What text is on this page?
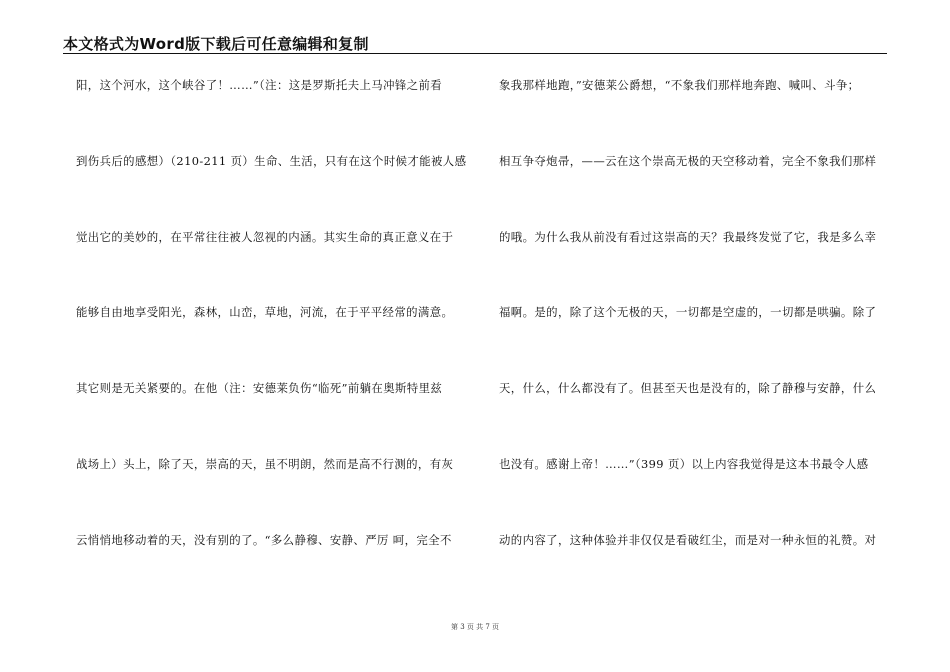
本文格式为Word版下载后可任意编辑和复制
阳，这个河水，这个峡谷了！……”（注：这是罗斯托夫上马冲锋之前看
到伤兵后的感想）（210-211 页）生命、生活，只有在这个时候才能被人感
觉出它的美妙的，在平常往往被人忽视的内涵。其实生命的真正意义在于
能够自由地享受阳光，森林，山峦，草地，河流，在于平平经常的满意。
其它则是无关紧要的。在他（注：安德莱负伤“临死”前躺在奥斯特里兹
战场上）头上，除了天，崇高的天，虽不明朗，然而是高不行测的，有灰
云悄悄地移动着的天，没有别的了。“多么静穆、安静、严厉 呵，完全不
象我那样地跑，”安德莱公爵想，“不象我们那样地奔跑、喊叫、斗争；
相互争夺炮帚，——云在这个崇高无极的天空移动着，完全不象我们那样
的哦。为什么我从前没有看过这崇高的天？我最终发觉了它，我是多么幸
福啊。是的，除了这个无极的天，一切都是空虚的，一切都是哄骗。除了
天，什么，什么都没有了。但甚至天也是没有的，除了静穆与安静，什么
也没有。感谢上帝！……”（399 页）以上内容我觉得是这本书最令人感
动的内容了，这种体验并非仅仅是看破红尘，而是对一种永恒的礼赞。对
第 3 页 共 7 页
